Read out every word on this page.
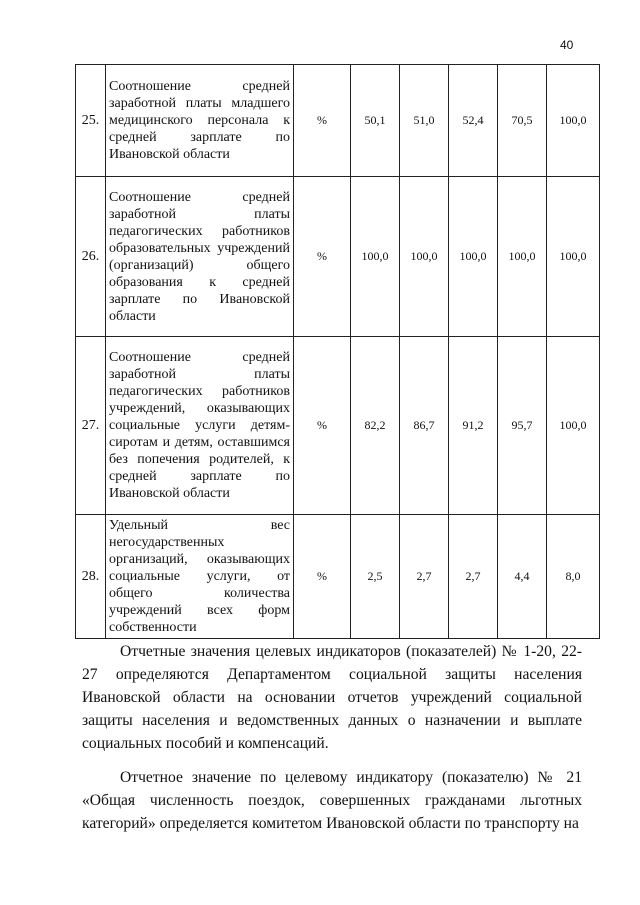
40
25.	Соотношение средней заработной платы младшего медицинского персонала к средней зарплате по Ивановской области	%	50,1	51,0	52,4	70,5	100,0
26.	Соотношение средней заработной платы педагогических работников образовательных учреждений (организаций) общего образования к средней зарплате по Ивановской области	%	100,0	100,0	100,0	100,0	100,0
27.	Соотношение средней заработной платы педагогических работников учреждений, оказывающих социальные услуги детям-сиротам и детям, оставшимся без попечения родителей, к средней зарплате по Ивановской области	%	82,2	86,7	91,2	95,7	100,0
28.	Удельный вес негосударственных организаций, оказывающих социальные услуги, от общего количества учреждений всех форм собственности	%	2,5	2,7	2,7	4,4	8,0

Отчетные значения целевых индикаторов (показателей) № 1-20, 22-27 определяются Департаментом социальной защиты населения Ивановской области на основании отчетов учреждений социальной защиты населения и ведомственных данных о назначении и выплате социальных пособий и компенсаций.

Отчетное значение по целевому индикатору (показателю) № 21 «Общая численность поездок, совершенных гражданами льготных категорий» определяется комитетом Ивановской области по транспорту на
